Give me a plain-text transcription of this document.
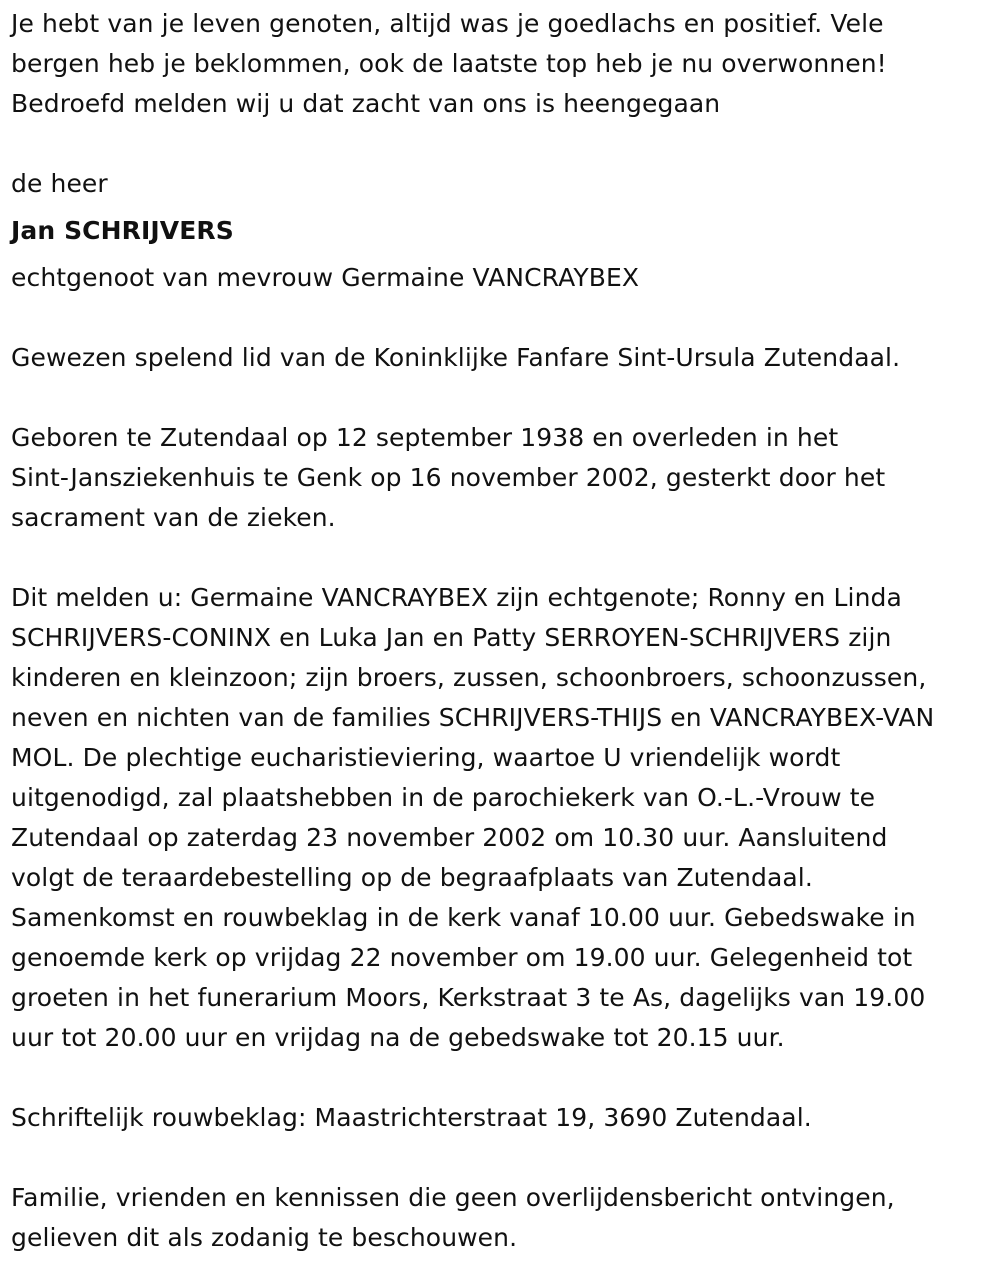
Je hebt van je leven genoten, altijd was je goedlachs en positief. Vele

bergen heb je beklommen, ook de laatste top heb je nu overwonnen!

Bedroefd melden wij u dat zacht van ons is heengegaan

de heer

Jan SCHRIJVERS

echtgenoot van mevrouw Germaine VANCRAYBEX

Gewezen spelend lid van de Koninklijke Fanfare Sint-Ursula Zutendaal.

Geboren te Zutendaal op 12 september 1938 en overleden in het

Sint-Jansziekenhuis te Genk op 16 november 2002, gesterkt door het

sacrament van de zieken.

Dit melden u: Germaine VANCRAYBEX zijn echtgenote; Ronny en Linda

SCHRIJVERS-CONINX en Luka Jan en Patty SERROYEN-SCHRIJVERS zijn

kinderen en kleinzoon; zijn broers, zussen, schoonbroers, schoonzussen,

neven en nichten van de families SCHRIJVERS-THIJS en VANCRAYBEX-VAN

MOL. De plechtige eucharistieviering, waartoe U vriendelijk wordt

uitgenodigd, zal plaatshebben in de parochiekerk van O.-L.-Vrouw te

Zutendaal op zaterdag 23 november 2002 om 10.30 uur. Aansluitend

volgt de teraardebestelling op de begraafplaats van Zutendaal.

Samenkomst en rouwbeklag in de kerk vanaf 10.00 uur. Gebedswake in

genoemde kerk op vrijdag 22 november om 19.00 uur. Gelegenheid tot

groeten in het funerarium Moors, Kerkstraat 3 te As, dagelijks van 19.00

uur tot 20.00 uur en vrijdag na de gebedswake tot 20.15 uur.

Schriftelijk rouwbeklag: Maastrichterstraat 19, 3690 Zutendaal.

Familie, vrienden en kennissen die geen overlijdensbericht ontvingen,

gelieven dit als zodanig te beschouwen.
